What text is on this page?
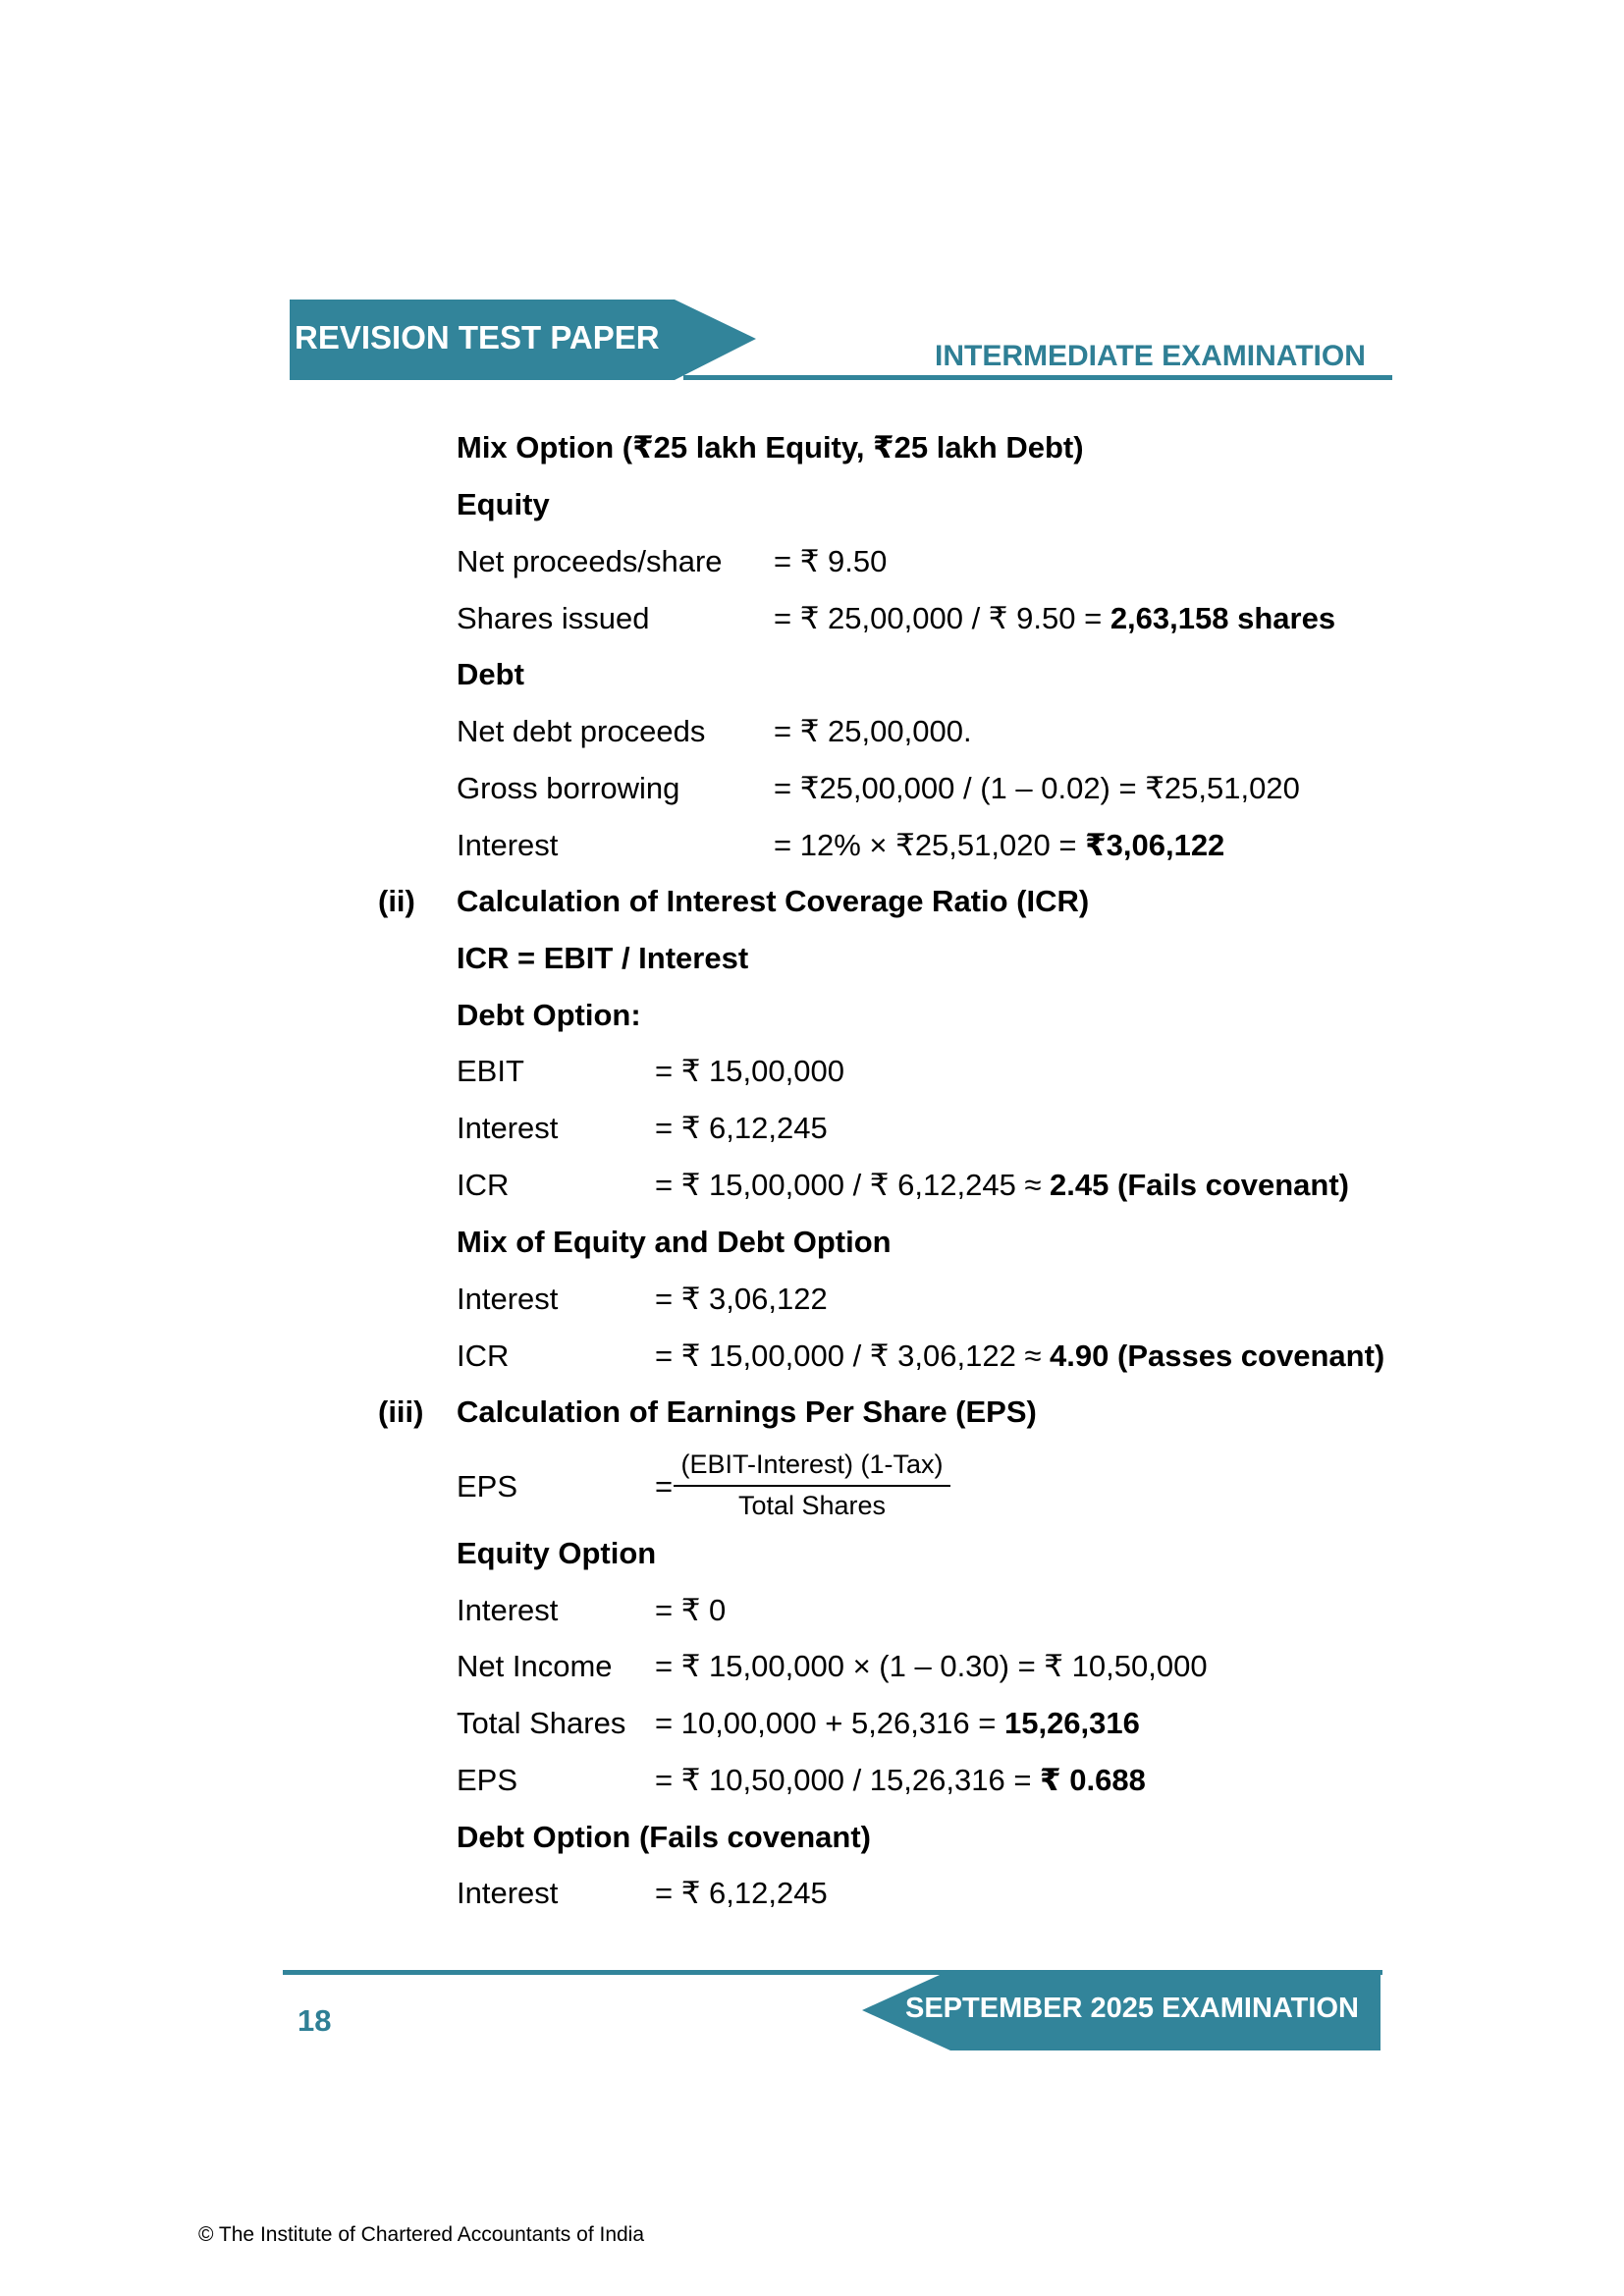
REVISION TEST PAPER
INTERMEDIATE EXAMINATION
Mix Option (₹25 lakh Equity, ₹25 lakh Debt)
Equity
Net proceeds/share = ₹ 9.50
Shares issued	= ₹ 25,00,000 / ₹ 9.50 = 2,63,158 shares
Debt
Net debt proceeds = ₹ 25,00,000.
Gross borrowing	= ₹25,00,000 / (1 – 0.02) = ₹25,51,020
Interest	= 12% × ₹25,51,020 = ₹3,06,122
(ii) Calculation of Interest Coverage Ratio (ICR)
ICR = EBIT / Interest
Debt Option:
EBIT	= ₹ 15,00,000
Interest	= ₹ 6,12,245
ICR	= ₹ 15,00,000 / ₹ 6,12,245 ≈ 2.45 (Fails covenant)
Mix of Equity and Debt Option
Interest	= ₹ 3,06,122
ICR	= ₹ 15,00,000 / ₹ 3,06,122 ≈ 4.90 (Passes covenant)
(iii) Calculation of Earnings Per Share (EPS)
EPS	=
(EBIT-Interest) (1-Tax)
Total Shares
Equity Option
Interest	= ₹ 0
Net Income = ₹ 15,00,000 × (1 – 0.30) = ₹ 10,50,000
Total Shares = 10,00,000 + 5,26,316 = 15,26,316
EPS	= ₹ 10,50,000 / 15,26,316 = ₹ 0.688
Debt Option (Fails covenant)
Interest	= ₹ 6,12,245
18	SEPTEMBER 2025 EXAMINATION
© The Institute of Chartered Accountants of India
